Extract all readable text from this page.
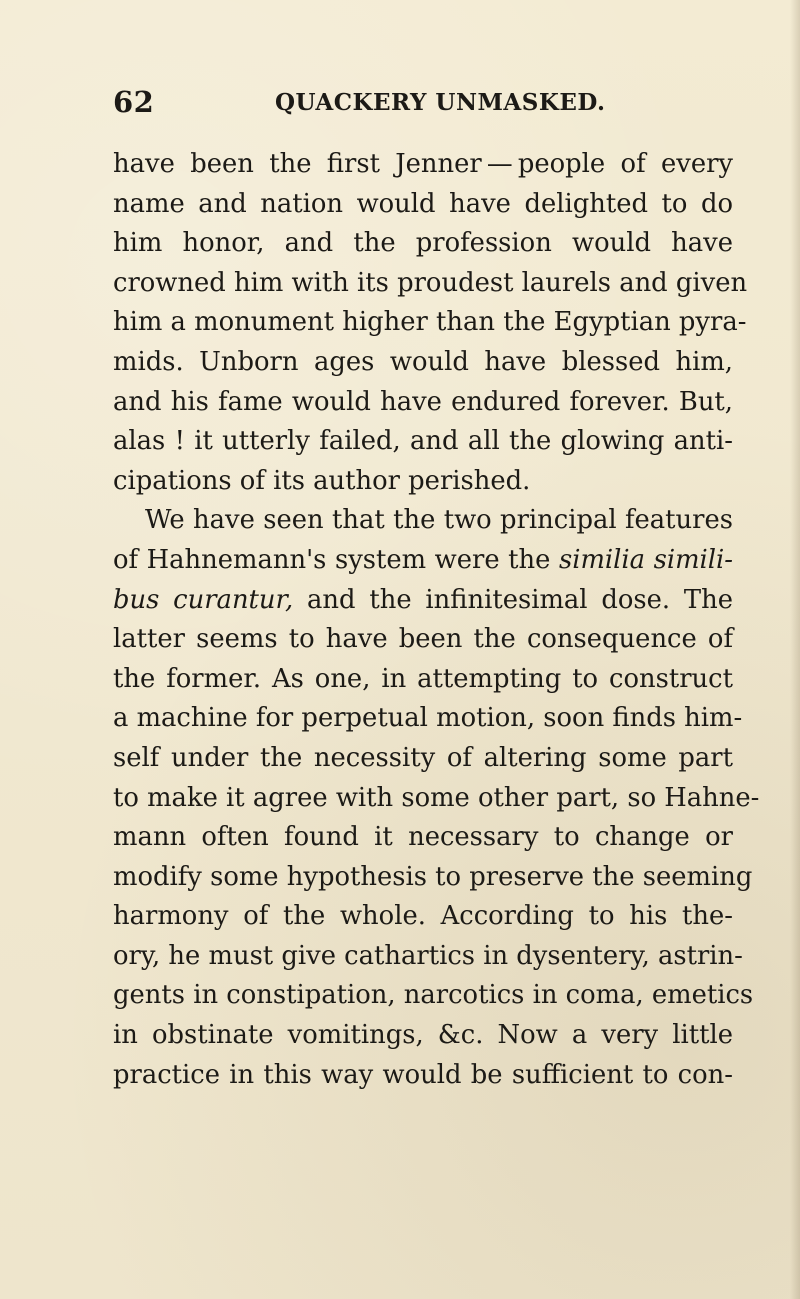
62	QUACKERY UNMASKED.
have been the first Jenner — people of every
name and nation would have delighted to do
him honor, and the profession would have
crowned him with its proudest laurels and given
him a monument higher than the Egyptian pyra-
mids. Unborn ages would have blessed him,
and his fame would have endured forever. But,
alas ! it utterly failed, and all the glowing anti-
cipations of its author perished.
We have seen that the two principal features
of Hahnemann's system were the similia simili-
bus curantur, and the infinitesimal dose. The
latter seems to have been the consequence of
the former. As one, in attempting to construct
a machine for perpetual motion, soon finds him-
self under the necessity of altering some part
to make it agree with some other part, so Hahne-
mann often found it necessary to change or
modify some hypothesis to preserve the seeming
harmony of the whole. According to his the-
ory, he must give cathartics in dysentery, astrin-
gents in constipation, narcotics in coma, emetics
in obstinate vomitings, &c. Now a very little
practice in this way would be sufficient to con-
